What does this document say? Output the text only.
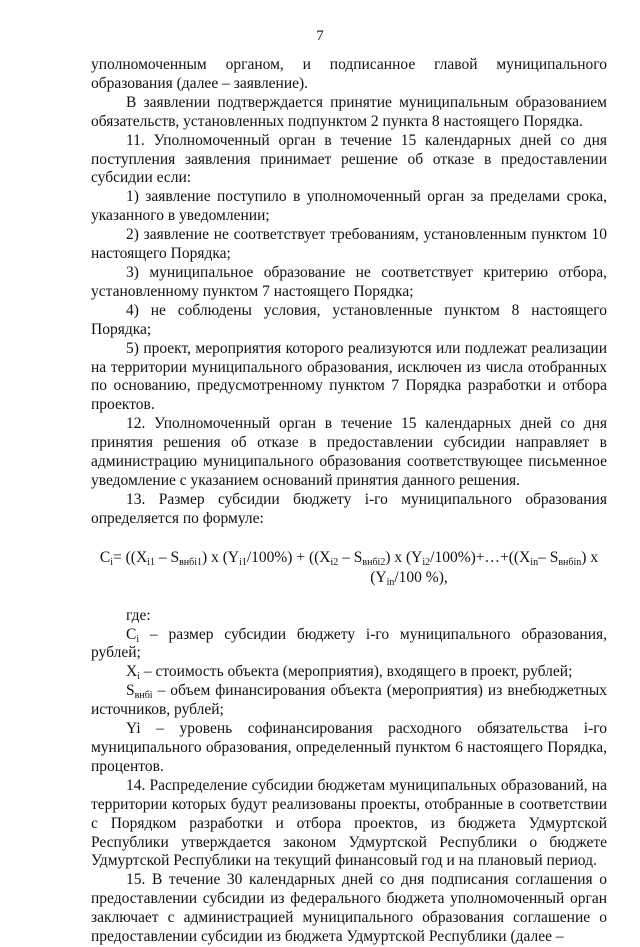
7

уполномоченным органом, и подписанное главой муниципального образования (далее – заявление).

В заявлении подтверждается принятие муниципальным образованием обязательств, установленных подпунктом 2 пункта 8 настоящего Порядка.

11. Уполномоченный орган в течение 15 календарных дней со дня поступления заявления принимает решение об отказе в предоставлении субсидии если:

1) заявление поступило в уполномоченный орган за пределами срока, указанного в уведомлении;

2) заявление не соответствует требованиям, установленным пунктом 10 настоящего Порядка;

3) муниципальное образование не соответствует критерию отбора, установленному пунктом 7 настоящего Порядка;

4) не соблюдены условия, установленные пунктом 8 настоящего Порядка;

5) проект, мероприятия которого реализуются или подлежат реализации на территории муниципального образования, исключен из числа отобранных по основанию, предусмотренному пунктом 7 Порядка разработки и отбора проектов.

12. Уполномоченный орган в течение 15 календарных дней со дня принятия решения об отказе в предоставлении субсидии направляет в администрацию муниципального образования соответствующее письменное уведомление с указанием оснований принятия данного решения.

13. Размер субсидии бюджету i-го муниципального образования определяется по формуле:

$C_i= ((X_{i1} - S_{внбi1})$ x $(Y_{i1}/100\%) + ((X_{i2} - S_{внбi2})$ x $(Y_{i2}/100\%)+\dots+((X_{in}-$ $S_{внбin}$) x
($Y_{in}/100$ %),

где:

$C_i$ – размер субсидии бюджету i-го муниципального образования, рублей;

$X_i$ – стоимость объекта (мероприятия), входящего в проект, рублей;

$S_{внбi}$ – объем финансирования объекта (мероприятия) из внебюджетных источников, рублей;

Yi – уровень софинансирования расходного обязательства i-го муниципального образования, определенный пунктом 6 настоящего Порядка, процентов.

14. Распределение субсидии бюджетам муниципальных образований, на территории которых будут реализованы проекты, отобранные в соответствии с Порядком разработки и отбора проектов, из бюджета Удмуртской Республики утверждается законом Удмуртской Республики о бюджете Удмуртской Республики на текущий финансовый год и на плановый период.

15. В течение 30 календарных дней со дня подписания соглашения о предоставлении субсидии из федерального бюджета уполномоченный орган заключает с администрацией муниципального образования соглашение о предоставлении субсидии из бюджета Удмуртской Республики (далее –
